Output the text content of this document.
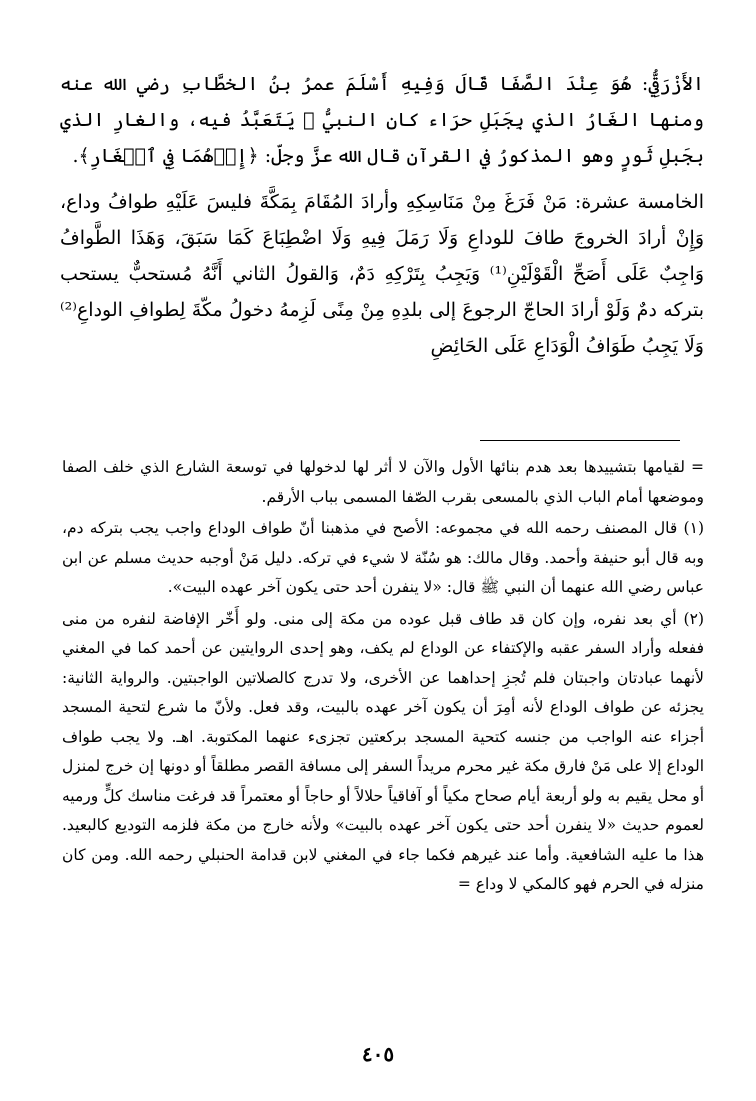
الأَزْرَقِيُّ: هُوَ عِنْدَ الصَّفَا قَالَ وَفِيهِ أَسْلَمَ عمرُ بنُ الخطَّابِ رضي الله عنه ومنها الغَارُ الذي بِجَبَلِ حرَاء كان النبيُّ ﷺ يَتَعَبَّدُ فيه، والغارِ الذي بجَبلِ ثَورٍ وهو المذكورُ في القرآن قال الله عزَّ وجلّ: ﴿إِذۡهُمَا فِي ٱلۡغَارِ﴾.

الخامسة عشرة: مَنْ فَرَغَ مِنْ مَنَاسِكِهِ وأرادَ المُقَامَ بِمَكَّةَ فليسَ عَلَيْهِ طوافُ وداع، وَإِنْ أرادَ الخروجَ طافَ للوداعِ وَلَا رَمَلَ فِيهِ وَلَا اضْطِبَاعَ كَمَا سَبَقَ، وَهَذَا الطَّوافُ وَاجِبٌ عَلَى أَصَحِّ الْقَوْلَيْنِ⁽¹⁾ وَيَجِبُ بِتَرْكِهِ دَمٌ، وَالقولُ الثاني أَنَّهُ مُستحبٌّ يستحب بتركه دمٌ وَلَوْ أرادَ الحاجّ الرجوعَ إلى بلدِهِ مِنْ مِنًى لَزِمهُ دخولُ مكّةَ لِطوافِ الوداعِ⁽²⁾ وَلَا يَجِبُ طَوَافُ الْوَدَاعِ عَلَى الحَائِضِ

= لقيامها بتشييدها بعد هدم بنائها الأول والآن لا أثر لها لدخولها في توسعة الشارع الذي خلف الصفا وموضعها أمام الباب الذي بالمسعى بقرب الصّفا المسمى بباب الأرقم.

(١) قال المصنف رحمه الله في مجموعه: الأصح في مذهبنا أنّ طواف الوداع واجب يجب بتركه دم، وبه قال أبو حنيفة وأحمد. وقال مالك: هو سُنّة لا شيء في تركه. دليل مَنْ أوجبه حديث مسلم عن ابن عباس رضي الله عنهما أن النبي ﷺ قال: «لا ينفرن أحد حتى يكون آخر عهده البيت».

(٢) أي بعد نفره، وإن كان قد طاف قبل عوده من مكة إلى منى. ولو أَخّر الإفاضة لنفره من منى ففعله وأراد السفر عقبه والإكتفاء عن الوداع لم يكف، وهو إحدى الروايتين عن أحمد كما في المغني لأنهما عبادتان واجبتان فلم تُجزِ إحداهما عن الأخرى، ولا تدرج كالصلاتين الواجبتين. والرواية الثانية: يجزئه عن طواف الوداع لأنه أمِرَ أن يكون آخر عهده بالبيت، وقد فعل. ولأنّ ما شرع لتحية المسجد أجزاء عنه الواجب من جنسه كتحية المسجد بركعتين تجزىء عنهما المكتوبة. اهـ. ولا يجب طواف الوداع إلا على مَنْ فارق مكة غير محرم مريداً السفر إلى مسافة القصر مطلقاً أو دونها إن خرج لمنزل أو محل يقيم به ولو أربعة أيام صحاح مكياً أو آفاقياً حلالاً أو حاجاً أو معتمراً قد فرغت مناسك كلٍّ ورميه لعموم حديث «لا ينفرن أحد حتى يكون آخر عهده بالبيت» ولأنه خارج من مكة فلزمه التوديع كالبعيد. هذا ما عليه الشافعية. وأما عند غيرهم فكما جاء في المغني لابن قدامة الحنبلي رحمه الله. ومن كان منزله في الحرم فهو كالمكي لا وداع =

٤٠٥
